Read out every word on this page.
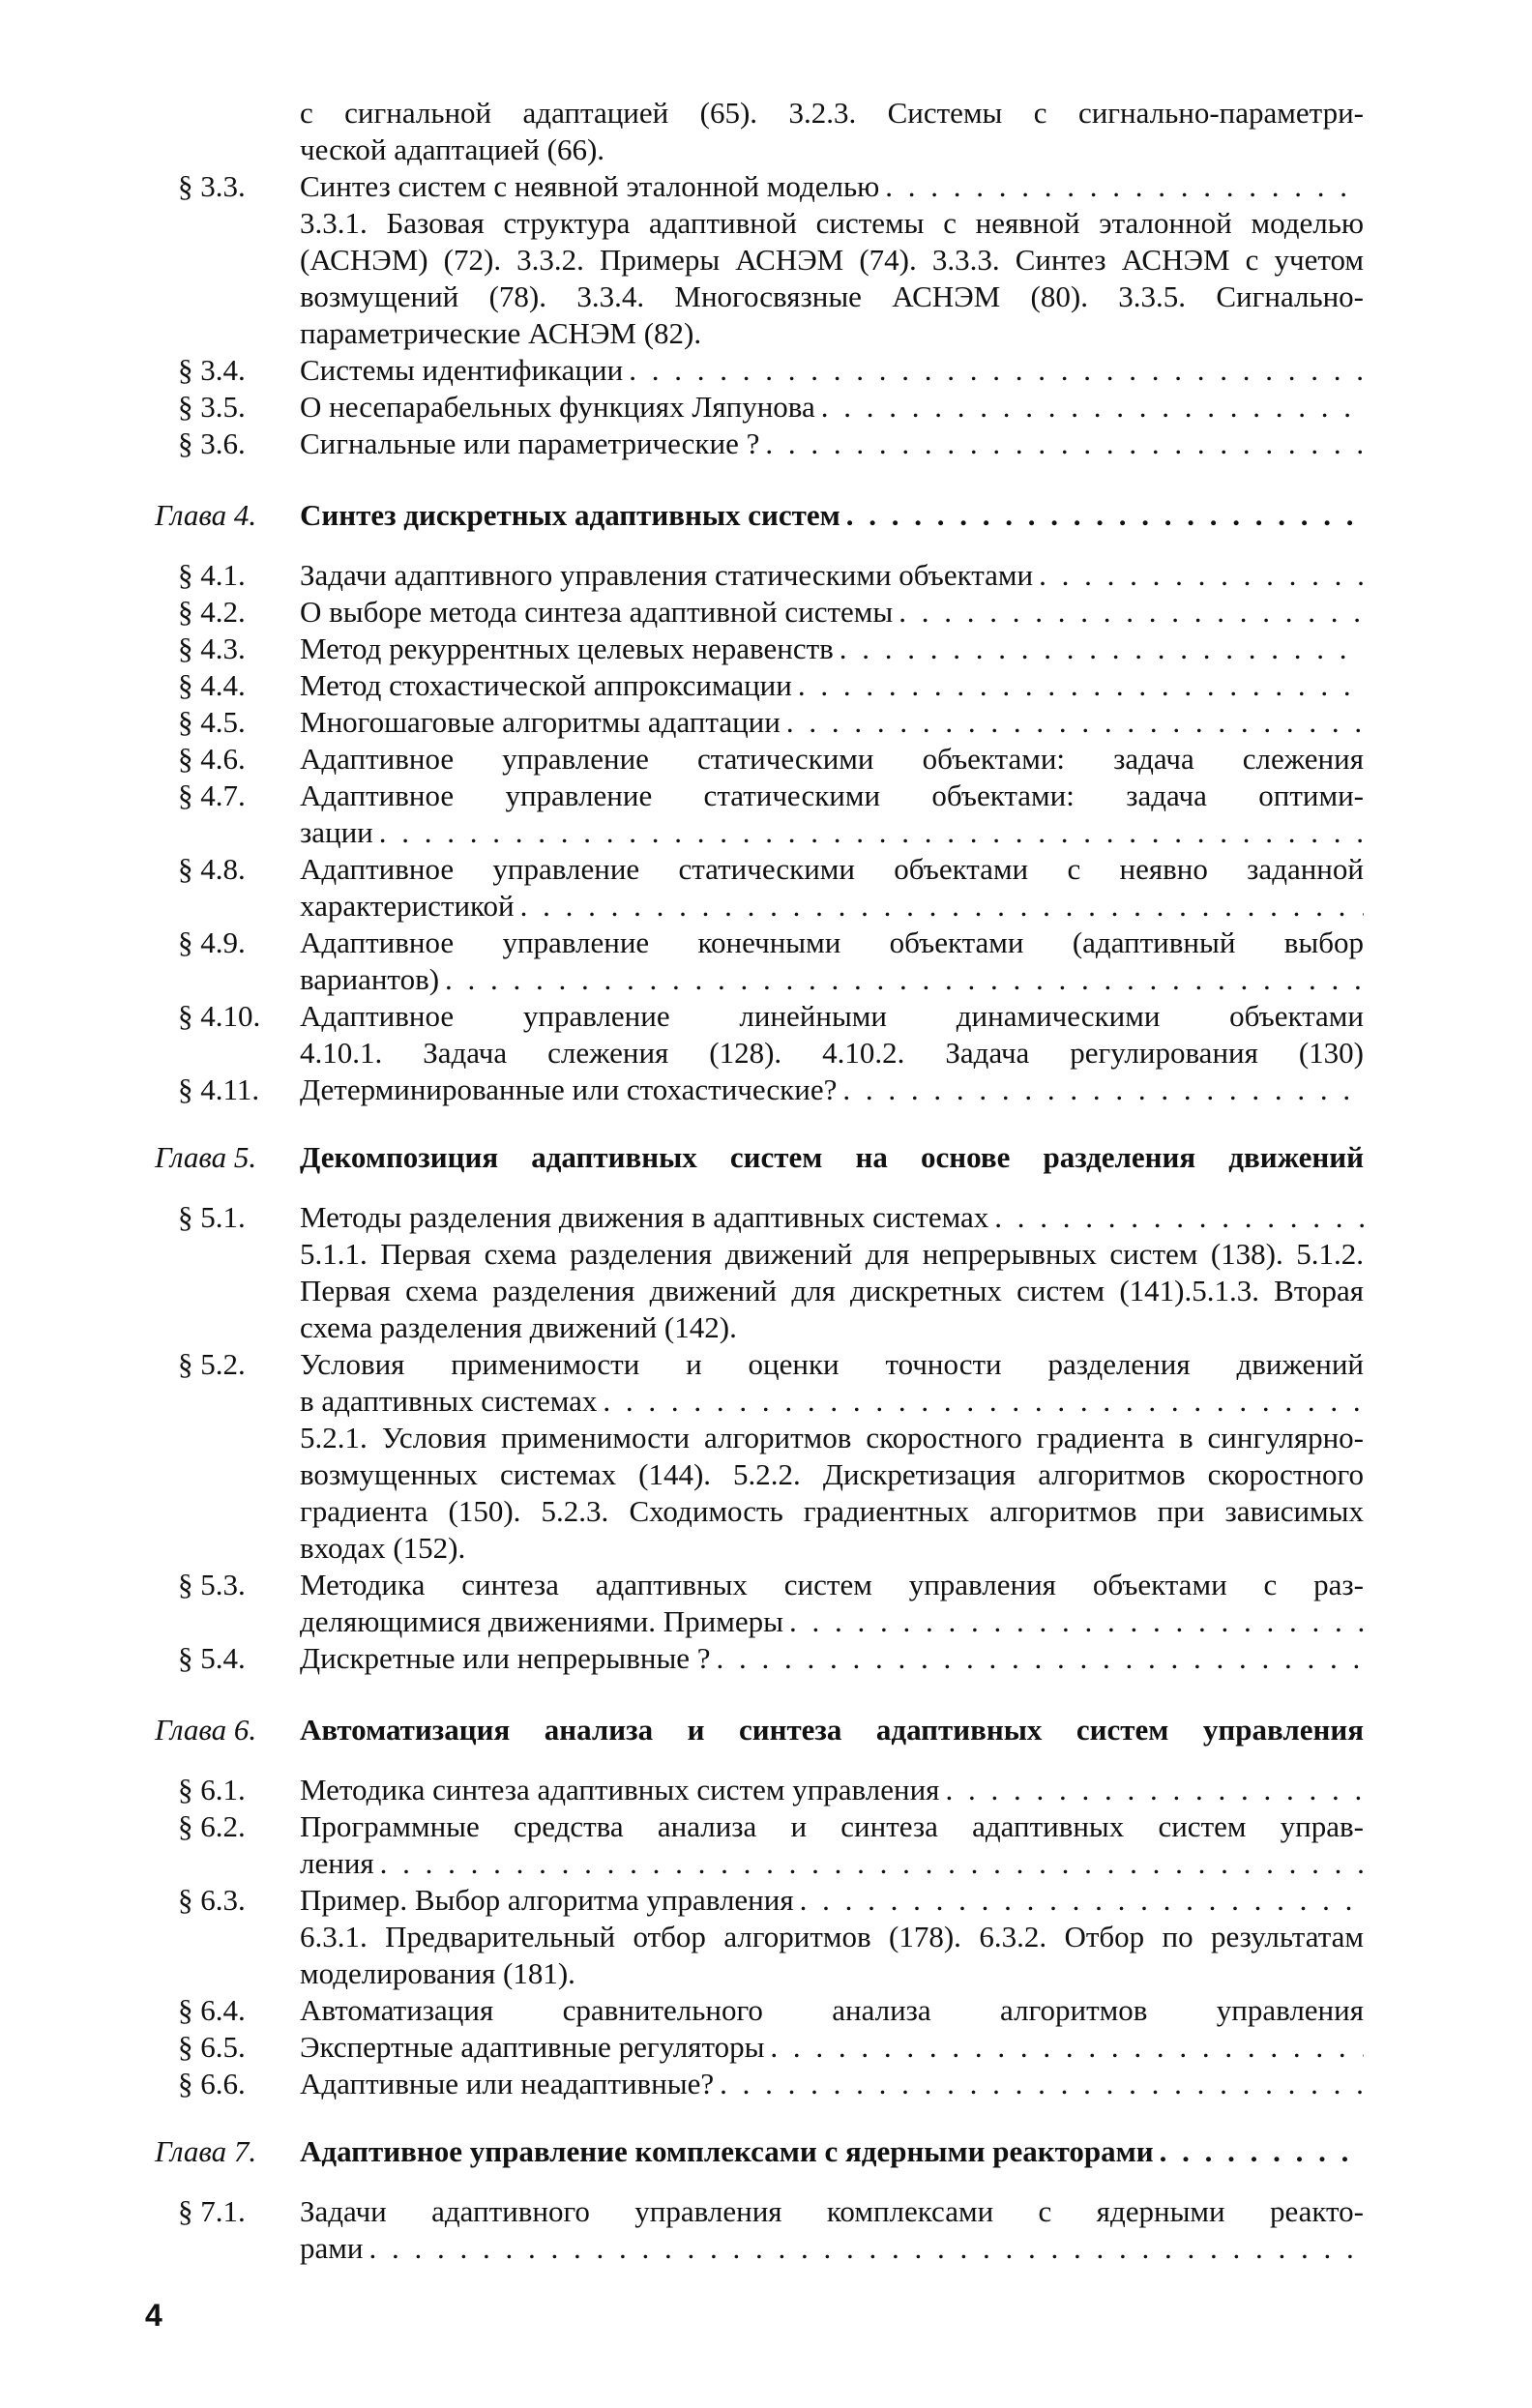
с сигнальной адаптацией (65). 3.2.3. Системы с сигнально-параметри-
ческой адаптацией (66).
§ 3.3.	Синтез систем с неявной эталонной моделью
. . .
3.3.1. Базовая структура адаптивной системы с неявной эталонной моделью (АСНЭМ) (72). 3.3.2. Примеры АСНЭМ (74). 3.3.3. Синтез АСНЭМ с учетом возмущений (78). 3.3.4. Многосвязные АСНЭМ (80). 3.3.5. Сигнально-параметрические АСНЭМ (82).
§ 3.4.	Системы идентификации
. . .
§ 3.5.	О несепарабельных функциях Ляпунова
. . .
§ 3.6.	Сигнальные или параметрические ?
. . .
Глава 4. Синтез дискретных адаптивных систем
. . .
§ 4.1.	Задачи адаптивного управления статическими объектами
. . .
§ 4.2.	О выборе метода синтеза адаптивной системы
. . .
§ 4.3.	Метод рекуррентных целевых неравенств
. . .
§ 4.4.	Метод стохастической аппроксимации
. . .
§ 4.5.	Многошаговые алгоритмы адаптации
. . .
§ 4.6.	Адаптивное управление статическими объектами: задача слежения
§ 4.7.	Адаптивное управление статическими объектами: задача оптими-
зации
. . .
§ 4.8.	Адаптивное управление статическими объектами с неявно заданной
характеристикой
. . .
§ 4.9.	Адаптивное управление конечными объектами (адаптивный выбор
вариантов)
. . .
§ 4.10.	Адаптивное управление линейными динамическими объектами
4.10.1. Задача слежения (128). 4.10.2. Задача регулирования (130)
§ 4.11.	Детерминированные или стохастические?
. . .
Глава 5. Декомпозиция адаптивных систем на основе разделения движений
§ 5.1.	Методы разделения движения в адаптивных системах
. . .
5.1.1. Первая схема разделения движений для непрерывных систем (138). 5.1.2. Первая схема разделения движений для дискретных систем (141).5.1.3. Вторая схема разделения движений (142).
§ 5.2.	Условия применимости и оценки точности разделения движений
в адаптивных системах
. . .
5.2.1. Условия применимости алгоритмов скоростного градиента в сингулярно-возмущенных системах (144). 5.2.2. Дискретизация алгоритмов скоростного градиента (150). 5.2.3. Сходимость градиентных алгоритмов при зависимых входах (152).
§ 5.3.	Методика синтеза адаптивных систем управления объектами с раз-
деляющимися движениями. Примеры
. . .
§ 5.4.	Дискретные или непрерывные ?
. . .
Глава 6. Автоматизация анализа и синтеза адаптивных систем управления
§ 6.1.	Методика синтеза адаптивных систем управления
. . .
§ 6.2.	Программные средства анализа и синтеза адаптивных систем управ-
ления
. . .
§ 6.3.	Пример. Выбор алгоритма управления
. . .
6.3.1. Предварительный отбор алгоритмов (178). 6.3.2. Отбор по результатам моделирования (181).
§ 6.4.	Автоматизация сравнительного анализа алгоритмов управления
§ 6.5.	Экспертные адаптивные регуляторы
. . .
§ 6.6.	Адаптивные или неадаптивные?
. . .
Глава 7. Адаптивное управление комплексами с ядерными реакторами
. . .
§ 7.1.	Задачи адаптивного управления комплексами с ядерными реакто-
рами
. . .
4
